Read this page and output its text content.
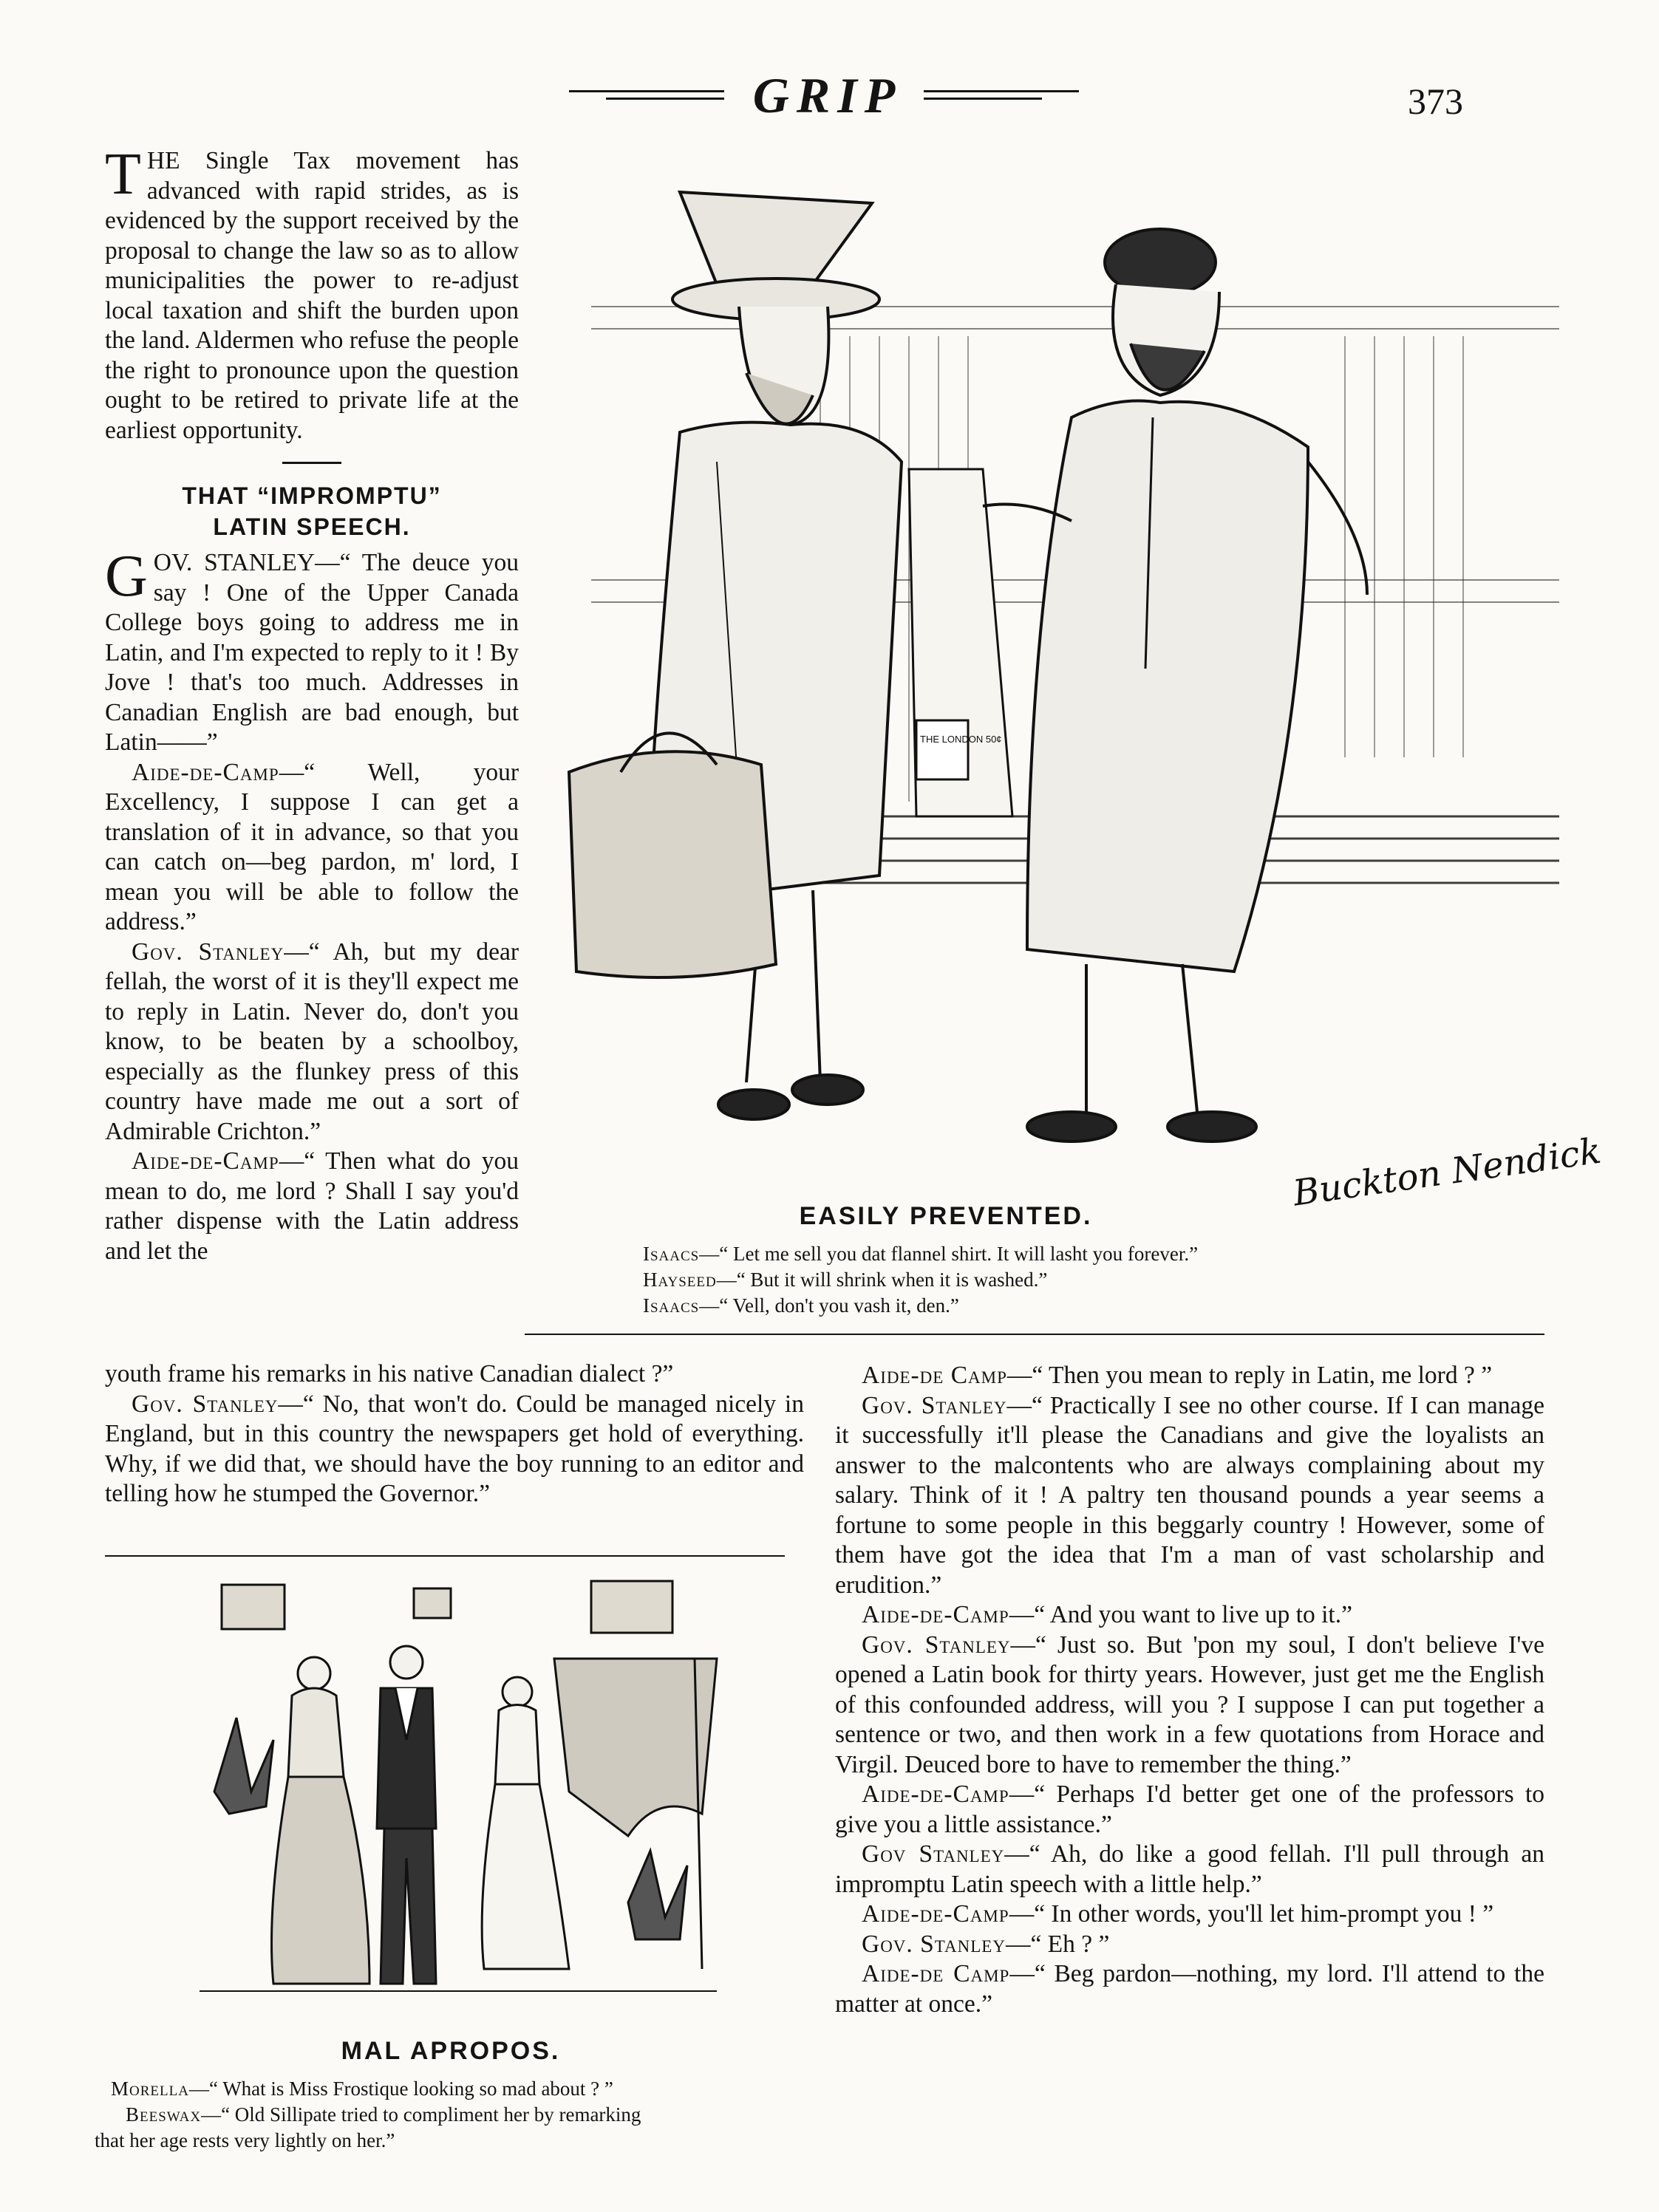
GRIP	373

THE Single Tax movement has advanced with rapid strides, as is evidenced by the support received by the proposal to change the law so as to allow municipalities the power to re-adjust local taxation and shift the burden upon the land. Aldermen who refuse the people the right to pronounce upon the question ought to be retired to private life at the earliest opportunity.

THAT “IMPROMPTU”
LATIN SPEECH.

GOV. STANLEY—“ The deuce you say ! One of the Upper Canada College boys going to address me in Latin, and I'm expected to reply to it ! By Jove ! that's too much. Addresses in Canadian English are bad enough, but Latin——”

Aide-de-Camp—“ Well, your Excellency, I suppose I can get a translation of it in advance, so that you can catch on—beg pardon, m' lord, I mean you will be able to follow the address.”

Gov. Stanley—“ Ah, but my dear fellah, the worst of it is they'll expect me to reply in Latin. Never do, don't you know, to be beaten by a schoolboy, especially as the flunkey press of this country have made me out a sort of Admirable Crichton.”

Aide-de-Camp—“ Then what do you mean to do, me lord ? Shall I say you'd rather dispense with the Latin address and let the

youth frame his remarks in his native Canadian dialect ?”

Gov. Stanley—“ No, that won't do. Could be managed nicely in England, but in this country the newspapers get hold of everything. Why, if we did that, we should have the boy running to an editor and telling how he stumped the Governor.”

THE LONDON 50¢
Buckton Nendick
EASILY PREVENTED.
Isaacs—“ Let me sell you dat flannel shirt. It will lasht you forever.”
Hayseed—“ But it will shrink when it is washed.”
Isaacs—“ Vell, don't you vash it, den.”

Aide-de Camp—“ Then you mean to reply in Latin, me lord ? ”

Gov. Stanley—“ Practically I see no other course. If I can manage it successfully it'll please the Canadians and give the loyalists an answer to the malcontents who are always complaining about my salary. Think of it ! A paltry ten thousand pounds a year seems a fortune to some people in this beggarly country ! However, some of them have got the idea that I'm a man of vast scholarship and erudition.”

Aide-de-Camp—“ And you want to live up to it.”

Gov. Stanley—“ Just so. But 'pon my soul, I don't believe I've opened a Latin book for thirty years. However, just get me the English of this confounded address, will you ? I suppose I can put together a sentence or two, and then work in a few quotations from Horace and Virgil. Deuced bore to have to remember the thing.”

Aide-de-Camp—“ Perhaps I'd better get one of the professors to give you a little assistance.”

Gov Stanley—“ Ah, do like a good fellah. I'll pull through an impromptu Latin speech with a little help.”

Aide-de-Camp—“ In other words, you'll let him-prompt you ! ”

Gov. Stanley—“ Eh ? ”

Aide-de Camp—“ Beg pardon—nothing, my lord. I'll attend to the matter at once.”

MAL APROPOS.
Morella—“ What is Miss Frostique looking so mad about ? ”
Beeswax—“ Old Sillipate tried to compliment her by remarking
that her age rests very lightly on her.”
